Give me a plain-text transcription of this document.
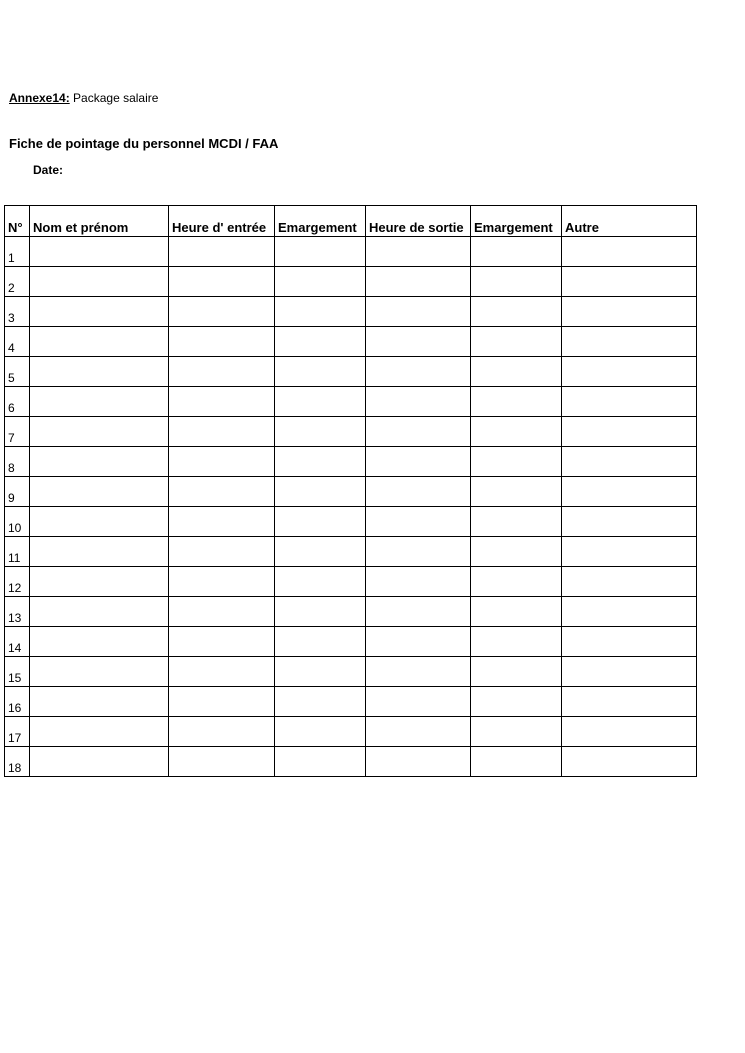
Annexe14: Package salaire
Fiche de pointage du personnel MCDI / FAA
Date:
N°	Nom et prénom	Heure d' entrée	Emargement	Heure de sortie	Emargement	Autre
1						
2						
3						
4						
5						
6						
7						
8						
9						
10						
11						
12						
13						
14						
15						
16						
17						
18						
